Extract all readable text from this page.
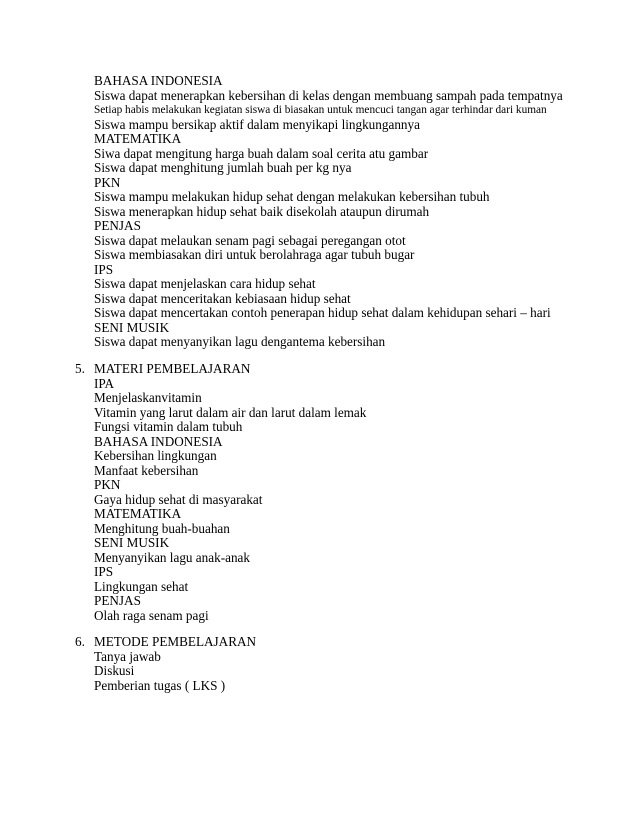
BAHASA INDONESIA
Siswa dapat menerapkan kebersihan di kelas dengan membuang sampah pada tempatnya
Setiap habis melakukan kegiatan siswa di biasakan untuk mencuci tangan agar terhindar dari kuman
Siswa mampu bersikap aktif dalam menyikapi lingkungannya
MATEMATIKA
Siwa dapat mengitung harga buah dalam soal cerita atu gambar
Siswa dapat menghitung jumlah buah per kg nya
PKN
Siswa mampu melakukan hidup sehat dengan melakukan kebersihan tubuh
Siswa menerapkan hidup sehat baik disekolah ataupun dirumah
PENJAS
Siswa dapat melaukan senam pagi sebagai peregangan otot
Siswa membiasakan diri untuk berolahraga agar tubuh bugar
IPS
Siswa dapat menjelaskan cara hidup sehat
Siswa dapat menceritakan kebiasaan hidup sehat
Siswa dapat mencertakan contoh penerapan hidup sehat dalam kehidupan sehari – hari
SENI MUSIK
Siswa dapat menyanyikan lagu dengantema kebersihan
5. MATERI PEMBELAJARAN
IPA
Menjelaskanvitamin
Vitamin yang larut dalam air dan larut dalam lemak
Fungsi vitamin dalam tubuh
BAHASA INDONESIA
Kebersihan lingkungan
Manfaat kebersihan
PKN
Gaya hidup sehat di masyarakat
MATEMATIKA
Menghitung buah-buahan
SENI MUSIK
Menyanyikan lagu anak-anak
IPS
Lingkungan sehat
PENJAS
Olah raga senam pagi
6. METODE PEMBELAJARAN
Tanya jawab
Diskusi
Pemberian tugas ( LKS )
